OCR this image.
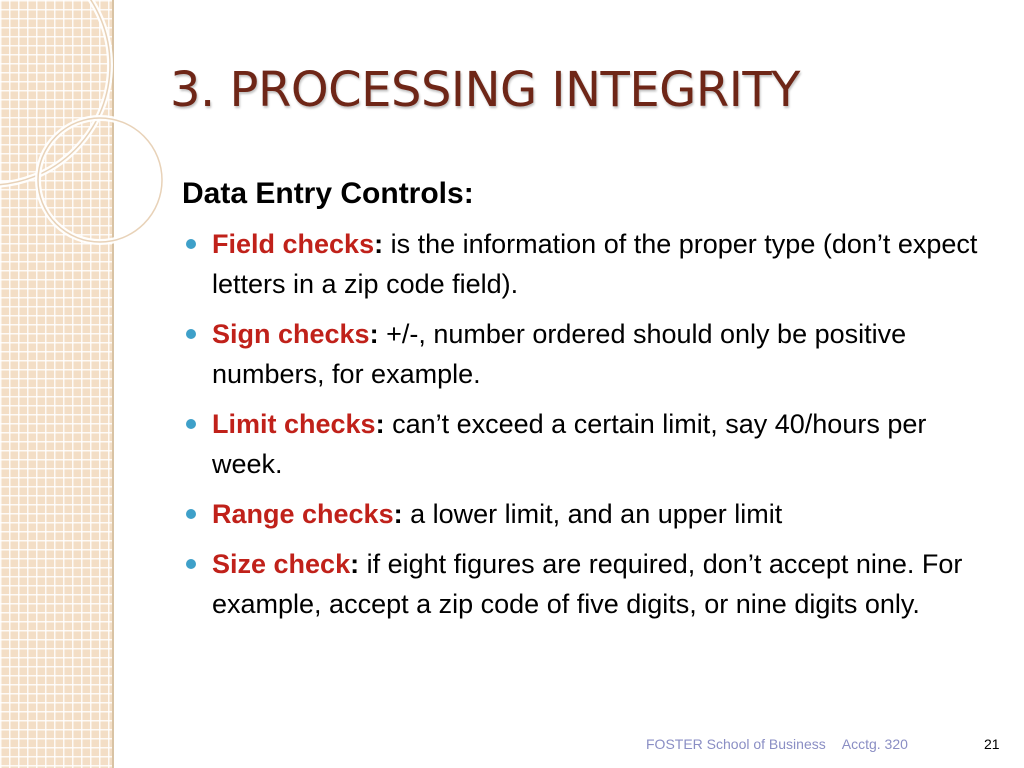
3. PROCESSING INTEGRITY
Data Entry Controls:
Field checks: is the information of the proper type (don’t expect letters in a zip code field).
Sign checks: +/-, number ordered should only be positive numbers, for example.
Limit checks: can’t exceed a certain limit, say 40/hours per week.
Range checks: a lower limit, and an upper limit
Size check: if eight figures are required, don’t accept nine. For example, accept a zip code of five digits, or nine digits only.
FOSTER School of Business Acctg. 320	21
